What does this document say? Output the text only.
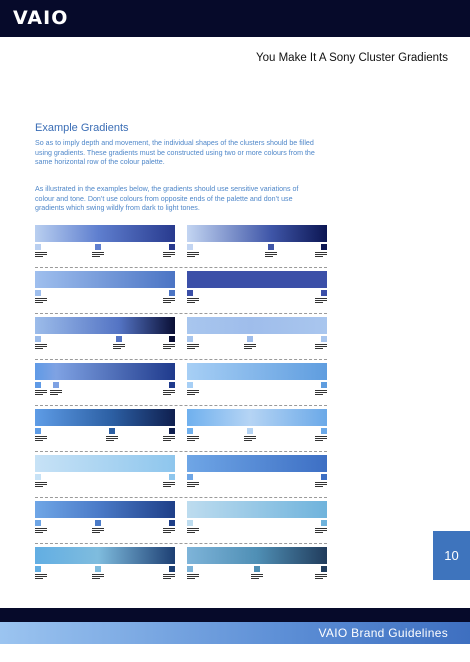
VAIO
You Make It A Sony Cluster Gradients
Example Gradients

So as to imply depth and movement, the individual shapes of the clusters should be filled using gradients. These gradients must be constructed using two or more colours from the same horizontal row of the colour palette.

As illustrated in the examples below, the gradients should use sensitive variations of colour and tone. Don’t use colours from opposite ends of the palette and don’t use gradients which swing wildly from dark to light tones.

10
VAIO Brand Guidelines
